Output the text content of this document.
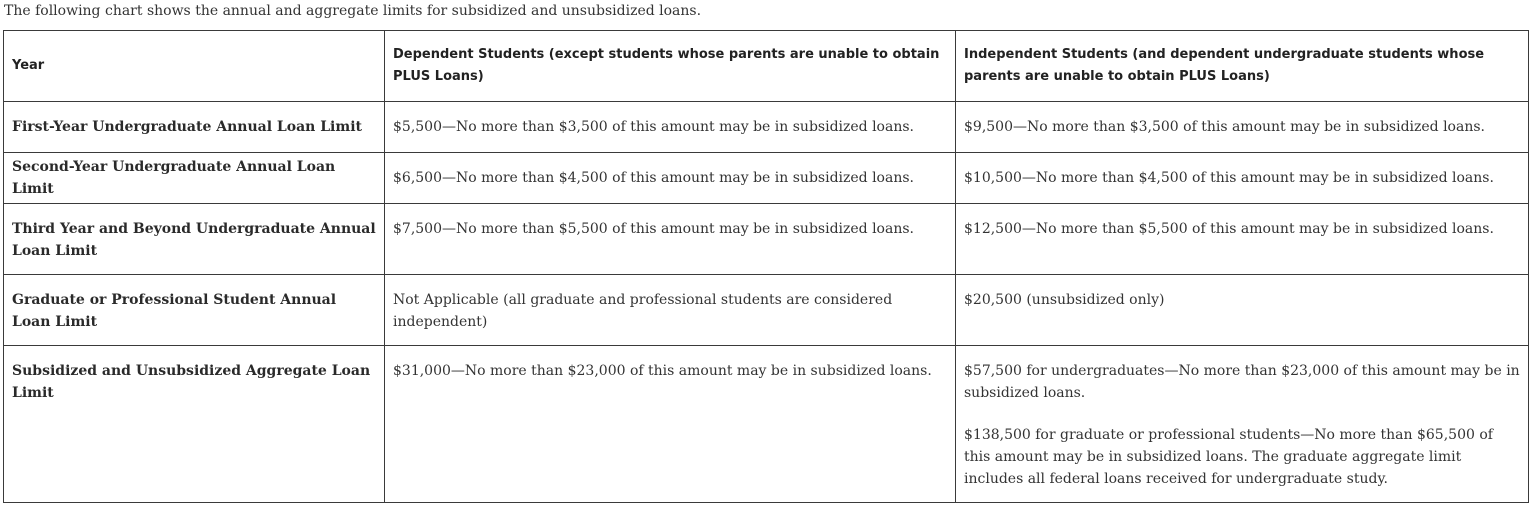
The following chart shows the annual and aggregate limits for subsidized and unsubsidized loans.
Year	Dependent Students (except students whose parents are unable to obtain PLUS Loans)	Independent Students (and dependent undergraduate students whose parents are unable to obtain PLUS Loans)
First-Year Undergraduate Annual Loan Limit	$5,500—No more than $3,500 of this amount may be in subsidized loans.	$9,500—No more than $3,500 of this amount may be in subsidized loans.
Second-Year Undergraduate Annual Loan Limit	$6,500—No more than $4,500 of this amount may be in subsidized loans.	$10,500—No more than $4,500 of this amount may be in subsidized loans.
Third Year and Beyond Undergraduate Annual Loan Limit	$7,500—No more than $5,500 of this amount may be in subsidized loans.	$12,500—No more than $5,500 of this amount may be in subsidized loans.
Graduate or Professional Student Annual Loan Limit	Not Applicable (all graduate and professional students are considered independent)	$20,500 (unsubsidized only)
Subsidized and Unsubsidized Aggregate Loan Limit	$31,000—No more than $23,000 of this amount may be in subsidized loans.	$57,500 for undergraduates—No more than $23,000 of this amount may be in subsidized loans.

$138,500 for graduate or professional students—No more than $65,500 of this amount may be in subsidized loans. The graduate aggregate limit includes all federal loans received for undergraduate study.
